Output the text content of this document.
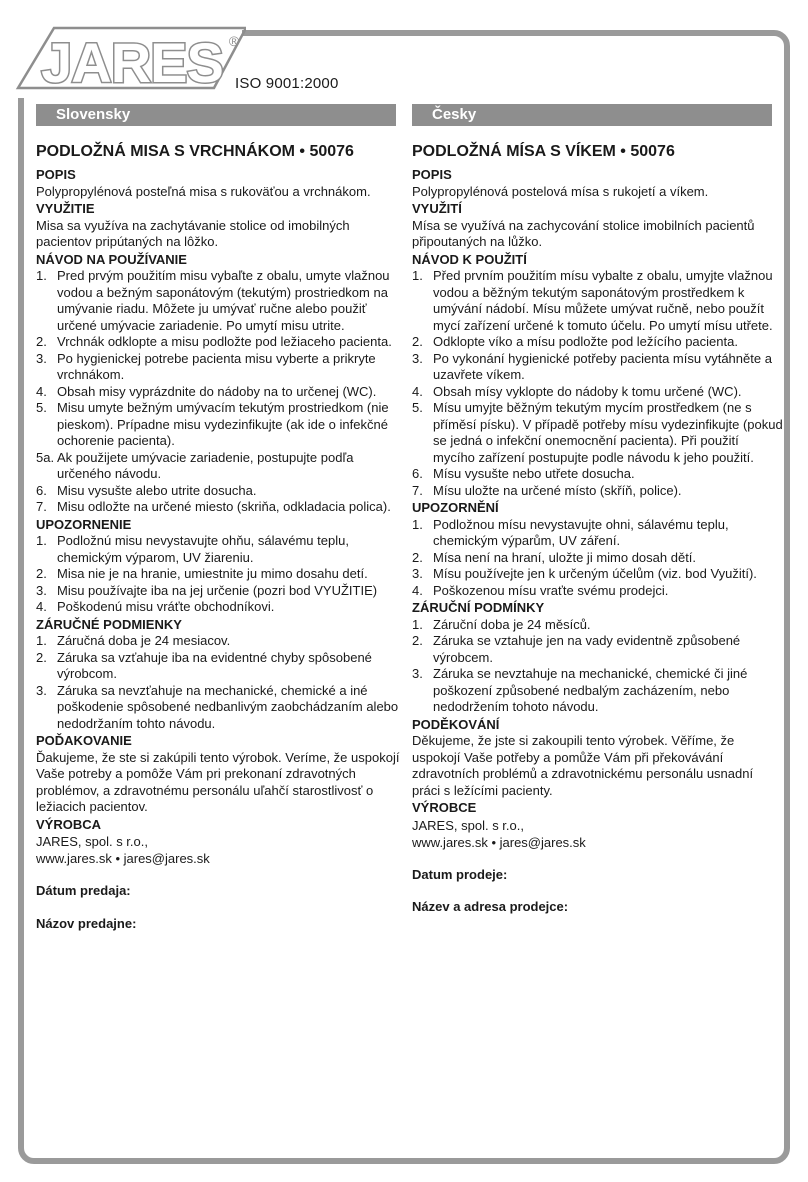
JARES ®
ISO 9001:2000
Slovensky	Česky
PODLOŽNÁ MISA S VRCHNÁKOM • 50076
POPIS
Polypropylénová posteľná misa s rukoväťou a vrchnákom.
VYUŽITIE
Misa sa využíva na zachytávanie stolice od imobilných pacientov pripútaných na lôžko.
NÁVOD NA POUŽÍVANIE
1. Pred prvým použitím misu vybaľte z obalu, umyte vlažnou vodou a bežným saponátovým (tekutým) prostriedkom na umývanie riadu. Môžete ju umývať ručne alebo použiť určené umývacie zariadenie. Po umytí misu utrite.
2. Vrchnák odklopte a misu podložte pod ležiaceho pacienta.
3. Po hygienickej potrebe pacienta misu vyberte a prikryte vrchnákom.
4. Obsah misy vyprázdnite do nádoby na to určenej (WC).
5. Misu umyte bežným umývacím tekutým prostriedkom (nie pieskom). Prípadne misu vydezinfikujte (ak ide o infekčné ochorenie pacienta).
5a. Ak použijete umývacie zariadenie, postupujte podľa určeného návodu.
6. Misu vysušte alebo utrite dosucha.
7. Misu odložte na určené miesto (skriňa, odkladacia polica).
UPOZORNENIE
1. Podložnú misu nevystavujte ohňu, sálavému teplu, chemickým výparom, UV žiareniu.
2. Misa nie je na hranie, umiestnite ju mimo dosahu detí.
3. Misu používajte iba na jej určenie (pozri bod VYUŽITIE)
4. Poškodenú misu vráťte obchodníkovi.
ZÁRUČNÉ PODMIENKY
1. Záručná doba je 24 mesiacov.
2. Záruka sa vzťahuje iba na evidentné chyby spôsobené výrobcom.
3. Záruka sa nevzťahuje na mechanické, chemické a iné poškodenie spôsobené nedbanlivým zaobchádzaním alebo nedodržaním tohto návodu.
POĎAKOVANIE
Ďakujeme, že ste si zakúpili tento výrobok. Veríme, že uspokojí Vaše potreby a pomôže Vám pri prekonaní zdravotných problémov, a zdravotnému personálu uľahčí starostlivosť o ležiacich pacientov.
VÝROBCA
JARES, spol. s r.o.,
www.jares.sk • jares@jares.sk
Dátum predaja:
Názov predajne:
PODLOŽNÁ MÍSA S VÍKEM • 50076
POPIS
Polypropylénová postelová mísa s rukojetí a víkem.
VYUŽITÍ
Mísa se využívá na zachycování stolice imobilních pacientů připoutaných na lůžko.
NÁVOD K POUŽITÍ
1. Před prvním použitím mísu vybalte z obalu, umyjte vlažnou vodou a běžným tekutým saponátovým prostředkem k umývání nádobí. Mísu můžete umývat ručně, nebo použít mycí zařízení určené k tomuto účelu. Po umytí mísu utřete.
2. Odklopte víko a mísu podložte pod ležícího pacienta.
3. Po vykonání hygienické potřeby pacienta mísu vytáhněte a uzavřete víkem.
4. Obsah mísy vyklopte do nádoby k tomu určené (WC).
5. Mísu umyjte běžným tekutým mycím prostředkem (ne s příměsí písku). V případě potřeby mísu vydezinfikujte (pokud se jedná o infekční onemocnění pacienta). Při použití mycího zařízení postupujte podle návodu k jeho použití.
6. Mísu vysušte nebo utřete dosucha.
7. Mísu uložte na určené místo (skříň, police).
UPOZORNĚNÍ
1. Podložnou mísu nevystavujte ohni, sálavému teplu, chemickým výparům, UV záření.
2. Mísa není na hraní, uložte ji mimo dosah dětí.
3. Mísu používejte jen k určeným účelům (viz. bod Využití).
4. Poškozenou mísu vraťte svému prodejci.
ZÁRUČNÍ PODMÍNKY
1. Záruční doba je 24 měsíců.
2. Záruka se vztahuje jen na vady evidentně způsobené výrobcem.
3. Záruka se nevztahuje na mechanické, chemické či jiné poškození způsobené nedbalým zacházením, nebo nedodržením tohoto návodu.
PODĚKOVÁNÍ
Děkujeme, že jste si zakoupili tento výrobek. Věříme, že uspokojí Vaše potřeby a pomůže Vám při překovávání zdravotních problémů a zdravotnickému personálu usnadní práci s ležícími pacienty.
VÝROBCE
JARES, spol. s r.o.,
www.jares.sk • jares@jares.sk
Datum prodeje:
Název a adresa prodejce:
